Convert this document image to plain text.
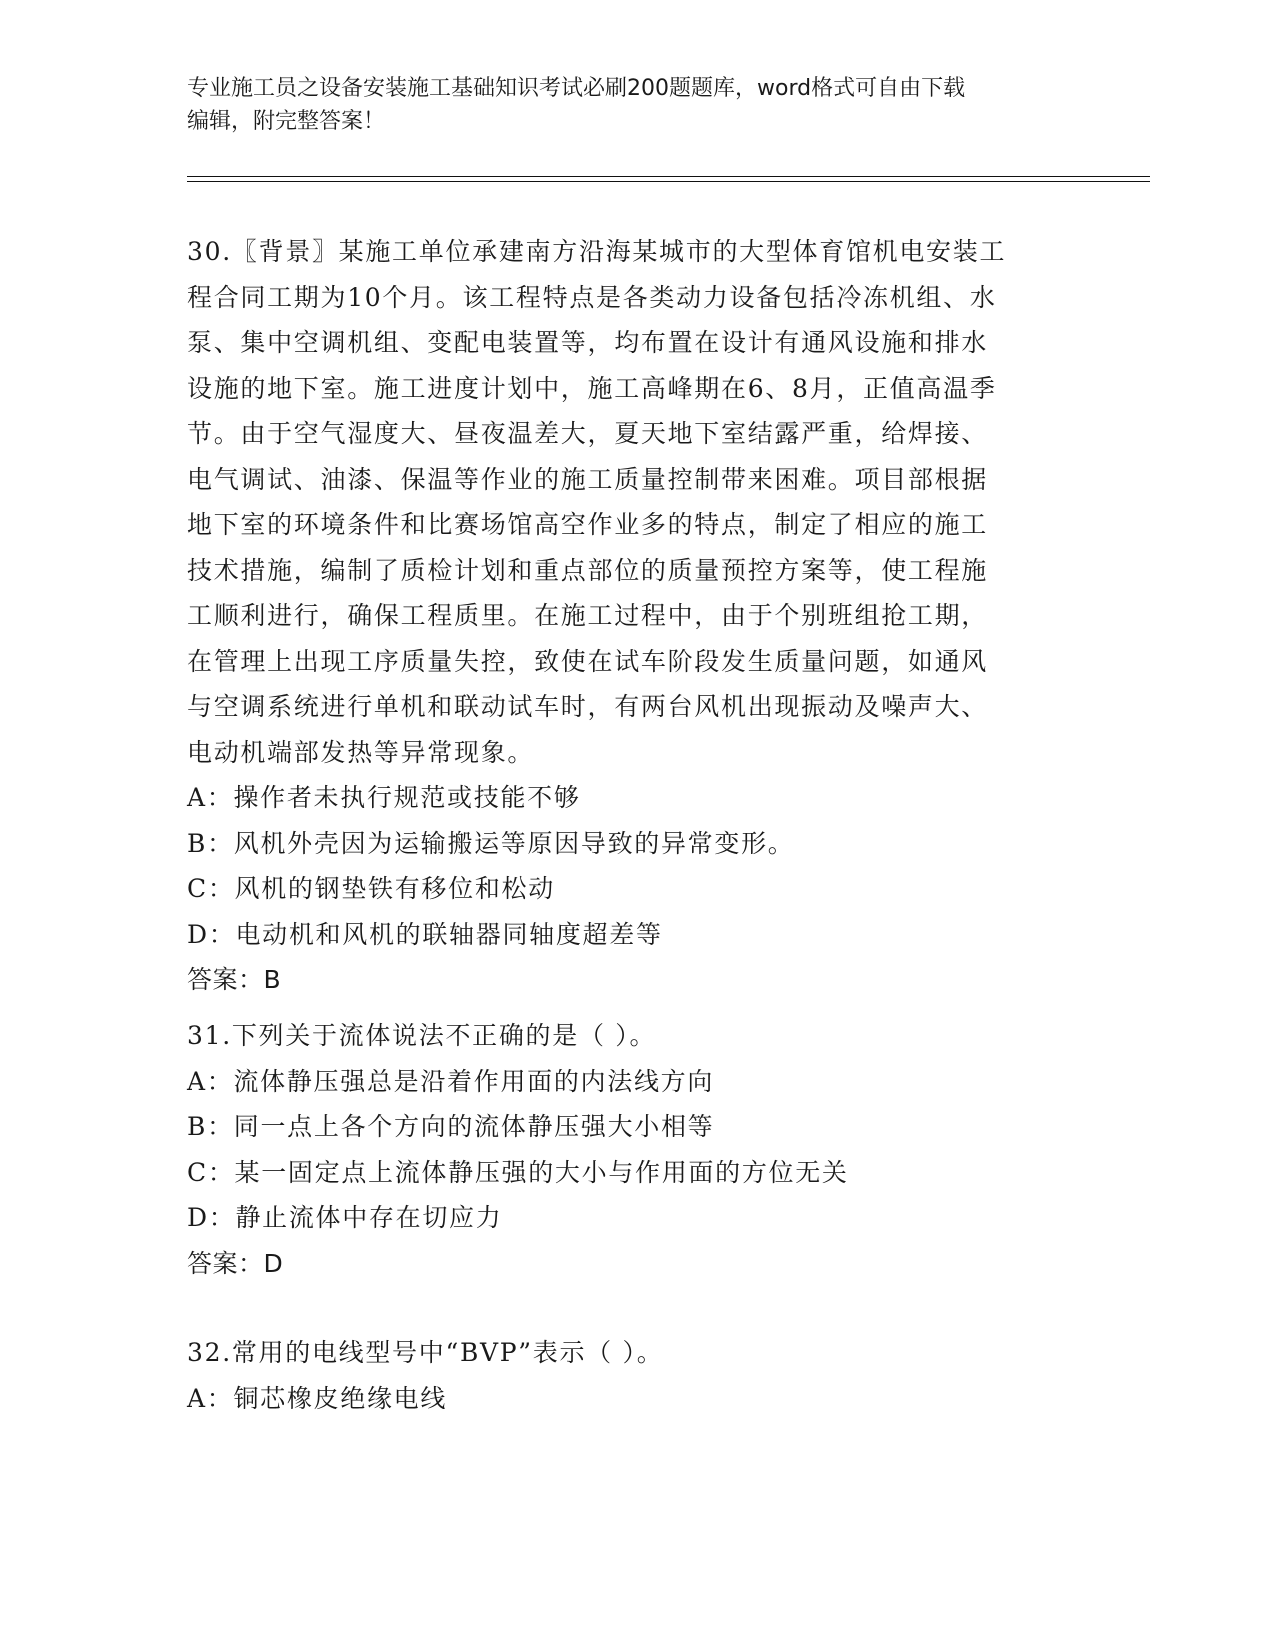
专业施工员之设备安装施工基础知识考试必刷200题题库，word格式可自由下载
编辑，附完整答案！

30.〖背景〗某施工单位承建南方沿海某城市的大型体育馆机电安装工
程合同工期为10个月。该工程特点是各类动力设备包括冷冻机组、水
泵、集中空调机组、变配电装置等，均布置在设计有通风设施和排水
设施的地下室。施工进度计划中，施工高峰期在6、8月，正值高温季
节。由于空气湿度大、昼夜温差大，夏天地下室结露严重，给焊接、
电气调试、油漆、保温等作业的施工质量控制带来困难。项目部根据
地下室的环境条件和比赛场馆高空作业多的特点，制定了相应的施工
技术措施，编制了质检计划和重点部位的质量预控方案等，使工程施
工顺利进行，确保工程质里。在施工过程中，由于个别班组抢工期，
在管理上出现工序质量失控，致使在试车阶段发生质量问题，如通风
与空调系统进行单机和联动试车时，有两台风机出现振动及噪声大、
电动机端部发热等异常现象。
A：操作者未执行规范或技能不够
B：风机外壳因为运输搬运等原因导致的异常变形。
C：风机的钢垫铁有移位和松动
D：电动机和风机的联轴器同轴度超差等
答案：B
31.下列关于流体说法不正确的是（ ）。
A：流体静压强总是沿着作用面的内法线方向
B：同一点上各个方向的流体静压强大小相等
C：某一固定点上流体静压强的大小与作用面的方位无关
D：静止流体中存在切应力
答案：D
32.常用的电线型号中“BVP”表示（ ）。
A：铜芯橡皮绝缘电线
